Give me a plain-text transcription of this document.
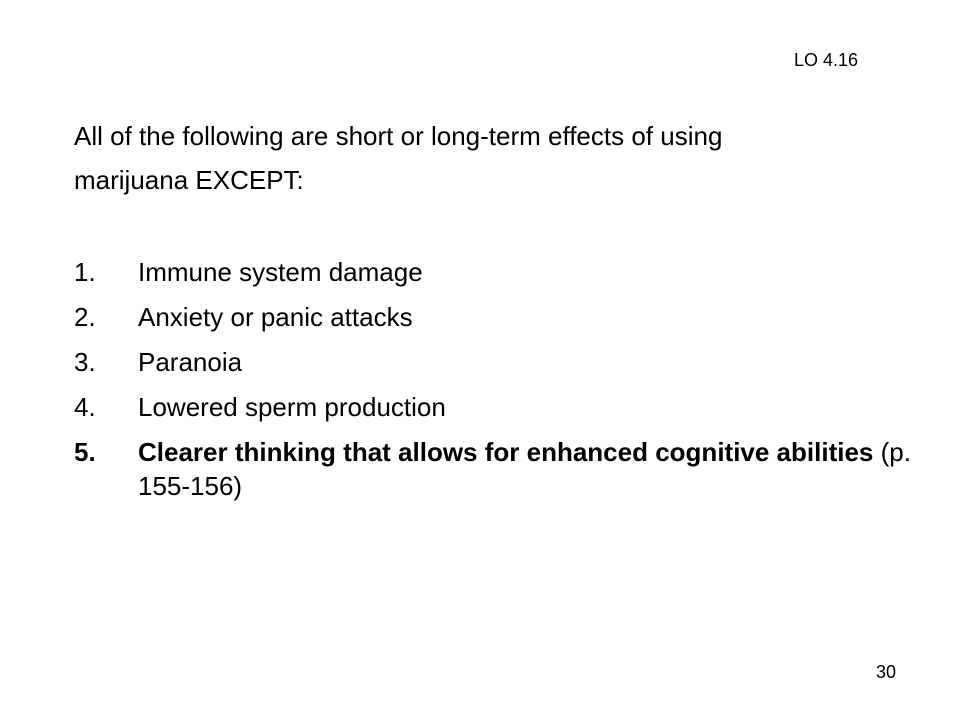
LO 4.16
All of the following are short or long-term effects of using
marijuana EXCEPT:
1.	Immune system damage
2.	Anxiety or panic attacks
3.	Paranoia
4.	Lowered sperm production
5.	Clearer thinking that allows for enhanced cognitive abilities (p. 155-156)
30
